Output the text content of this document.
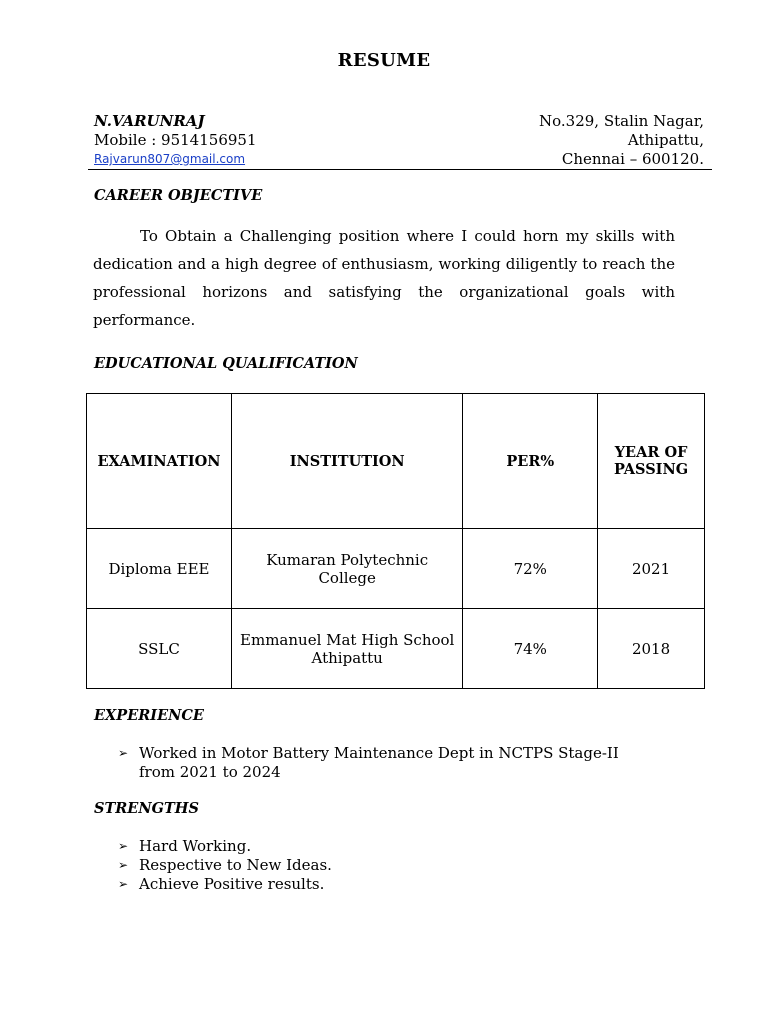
RESUME
N.VARUNRAJ
Mobile : 9514156951
Rajvarun807@gmail.com
No.329, Stalin Nagar,
Athipattu,
Chennai – 600120.
CAREER OBJECTIVE
To Obtain a Challenging position where I could horn my skills with dedication and a high degree of enthusiasm, working diligently to reach the professional horizons and satisfying the organizational goals with performance.
EDUCATIONAL QUALIFICATION
EXAMINATION	INSTITUTION	PER%	YEAR OF PASSING
Diploma EEE	Kumaran Polytechnic College	72%	2021
SSLC	Emmanuel Mat High School Athipattu	74%	2018
EXPERIENCE
➢ Worked in Motor Battery Maintenance Dept in NCTPS Stage-II from 2021 to 2024
STRENGTHS
➢ Hard Working.
➢ Respective to New Ideas.
➢ Achieve Positive results.
